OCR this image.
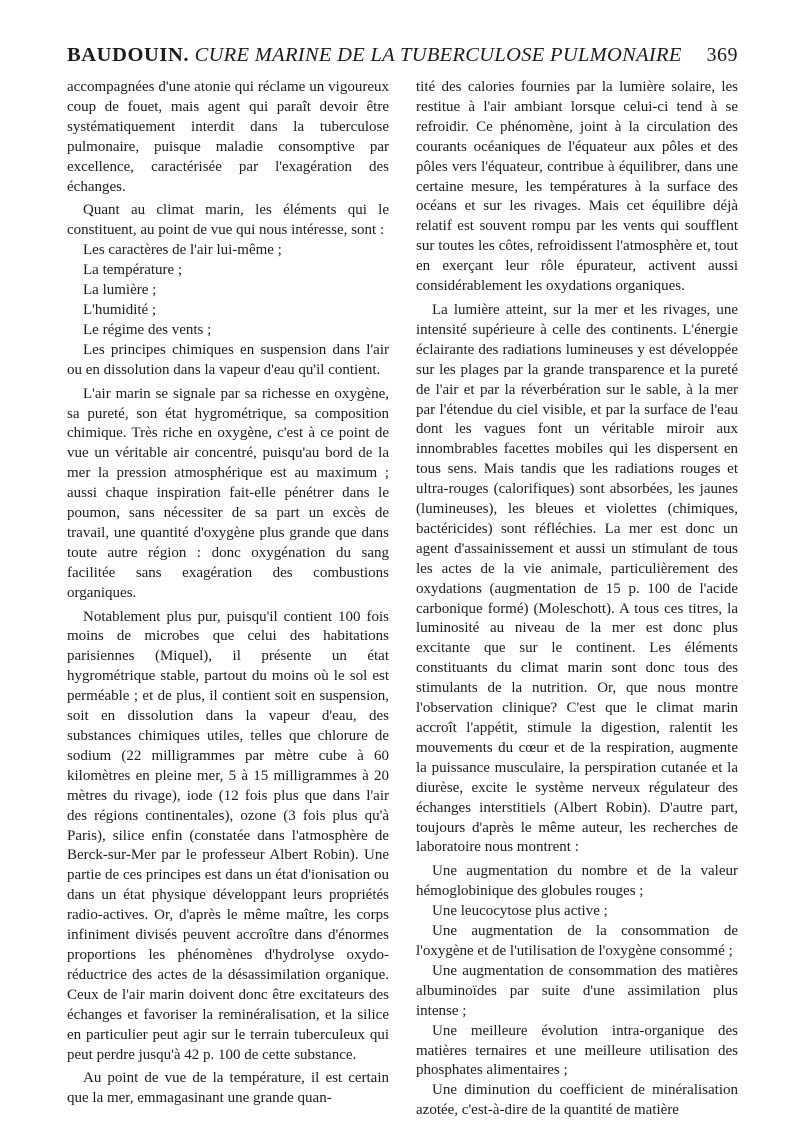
BAUDOUIN. CURE MARINE DE LA TUBERCULOSE PULMONAIRE 369

accompagnées d'une atonie qui réclame un vigoureux coup de fouet, mais agent qui paraît devoir être systématiquement interdit dans la tuberculose pulmonaire, puisque maladie consomptive par excellence, caractérisée par l'exagération des échanges.

Quant au climat marin, les éléments qui le constituent, au point de vue qui nous intéresse, sont :

Les caractères de l'air lui-même ;

La température ;

La lumière ;

L'humidité ;

Le régime des vents ;

Les principes chimiques en suspension dans l'air ou en dissolution dans la vapeur d'eau qu'il contient.

L'air marin se signale par sa richesse en oxygène, sa pureté, son état hygrométrique, sa composition chimique. Très riche en oxygène, c'est à ce point de vue un véritable air concentré, puisqu'au bord de la mer la pression atmosphérique est au maximum ; aussi chaque inspiration fait-elle pénétrer dans le poumon, sans nécessiter de sa part un excès de travail, une quantité d'oxygène plus grande que dans toute autre région : donc oxygénation du sang facilitée sans exagération des combustions organiques.

Notablement plus pur, puisqu'il contient 100 fois moins de microbes que celui des habitations parisiennes (Miquel), il présente un état hygrométrique stable, partout du moins où le sol est perméable ; et de plus, il contient soit en suspension, soit en dissolution dans la vapeur d'eau, des substances chimiques utiles, telles que chlorure de sodium (22 milligrammes par mètre cube à 60 kilomètres en pleine mer, 5 à 15 milligrammes à 20 mètres du rivage), iode (12 fois plus que dans l'air des régions continentales), ozone (3 fois plus qu'à Paris), silice enfin (constatée dans l'atmosphère de Berck-sur-Mer par le professeur Albert Robin). Une partie de ces principes est dans un état d'ionisation ou dans un état physique développant leurs propriétés radio-actives. Or, d'après le même maître, les corps infiniment divisés peuvent accroître dans d'énormes proportions les phénomènes d'hydrolyse oxydo-réductrice des actes de la désassimilation organique. Ceux de l'air marin doivent donc être excitateurs des échanges et favoriser la reminéralisation, et la silice en particulier peut agir sur le terrain tuberculeux qui peut perdre jusqu'à 42 p. 100 de cette substance.

Au point de vue de la température, il est certain que la mer, emmagasinant une grande quan-

tité des calories fournies par la lumière solaire, les restitue à l'air ambiant lorsque celui-ci tend à se refroidir. Ce phénomène, joint à la circulation des courants océaniques de l'équateur aux pôles et des pôles vers l'équateur, contribue à équilibrer, dans une certaine mesure, les températures à la surface des océans et sur les rivages. Mais cet équilibre déjà relatif est souvent rompu par les vents qui soufflent sur toutes les côtes, refroidissent l'atmosphère et, tout en exerçant leur rôle épurateur, activent aussi considérablement les oxydations organiques.

La lumière atteint, sur la mer et les rivages, une intensité supérieure à celle des continents. L'énergie éclairante des radiations lumineuses y est développée sur les plages par la grande transparence et la pureté de l'air et par la réverbération sur le sable, à la mer par l'étendue du ciel visible, et par la surface de l'eau dont les vagues font un véritable miroir aux innombrables facettes mobiles qui les dispersent en tous sens. Mais tandis que les radiations rouges et ultra-rouges (calorifiques) sont absorbées, les jaunes (lumineuses), les bleues et violettes (chimiques, bactéricides) sont réfléchies. La mer est donc un agent d'assainissement et aussi un stimulant de tous les actes de la vie animale, particulièrement des oxydations (augmentation de 15 p. 100 de l'acide carbonique formé) (Moleschott). A tous ces titres, la luminosité au niveau de la mer est donc plus excitante que sur le continent. Les éléments constituants du climat marin sont donc tous des stimulants de la nutrition. Or, que nous montre l'observation clinique? C'est que le climat marin accroît l'appétit, stimule la digestion, ralentit les mouvements du cœur et de la respiration, augmente la puissance musculaire, la perspiration cutanée et la diurèse, excite le système nerveux régulateur des échanges interstitiels (Albert Robin). D'autre part, toujours d'après le même auteur, les recherches de laboratoire nous montrent :

Une augmentation du nombre et de la valeur hémoglobinique des globules rouges ;

Une leucocytose plus active ;

Une augmentation de la consommation de l'oxygène et de l'utilisation de l'oxygène consommé ;

Une augmentation de consommation des matières albuminoïdes par suite d'une assimilation plus intense ;

Une meilleure évolution intra-organique des matières ternaires et une meilleure utilisation des phosphates alimentaires ;

Une diminution du coefficient de minéralisation azotée, c'est-à-dire de la quantité de matière
